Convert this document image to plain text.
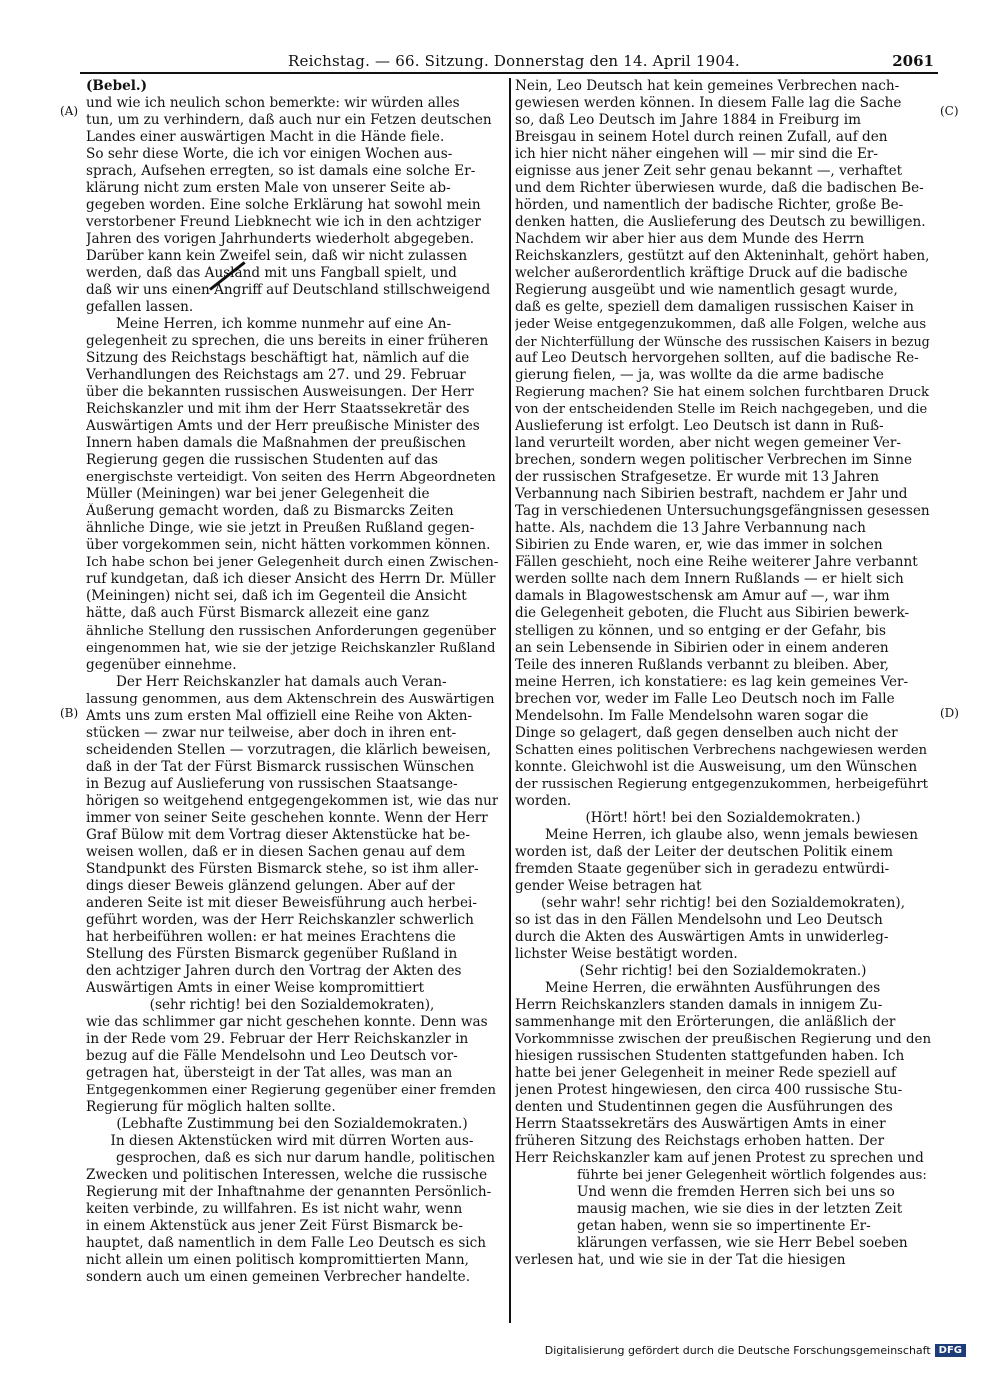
Reichstag. — 66. Sitzung. Donnerstag den 14. April 1904.	2061
(A)
(B)
(C)
(D)
(Bebel.)
und wie ich neulich schon bemerkte: wir würden alles
tun, um zu verhindern, daß auch nur ein Fetzen deutschen
Landes einer auswärtigen Macht in die Hände fiele.
So sehr diese Worte, die ich vor einigen Wochen aus-
sprach, Aufsehen erregten, so ist damals eine solche Er-
klärung nicht zum ersten Male von unserer Seite ab-
gegeben worden. Eine solche Erklärung hat sowohl mein
verstorbener Freund Liebknecht wie ich in den achtziger
Jahren des vorigen Jahrhunderts wiederholt abgegeben.
Darüber kann kein Zweifel sein, daß wir nicht zulassen
werden, daß das Ausland mit uns Fangball spielt, und
daß wir uns einen Angriff auf Deutschland stillschweigend
gefallen lassen.
Meine Herren, ich komme nunmehr auf eine An-
gelegenheit zu sprechen, die uns bereits in einer früheren
Sitzung des Reichstags beschäftigt hat, nämlich auf die
Verhandlungen des Reichstags am 27. und 29. Februar
über die bekannten russischen Ausweisungen. Der Herr
Reichskanzler und mit ihm der Herr Staatssekretär des
Auswärtigen Amts und der Herr preußische Minister des
Innern haben damals die Maßnahmen der preußischen
Regierung gegen die russischen Studenten auf das
energischste verteidigt. Von seiten des Herrn Abgeordneten
Müller (Meiningen) war bei jener Gelegenheit die
Äußerung gemacht worden, daß zu Bismarcks Zeiten
ähnliche Dinge, wie sie jetzt in Preußen Rußland gegen-
über vorgekommen sein, nicht hätten vorkommen können.
Ich habe schon bei jener Gelegenheit durch einen Zwischen-
ruf kundgetan, daß ich dieser Ansicht des Herrn Dr. Müller
(Meiningen) nicht sei, daß ich im Gegenteil die Ansicht
hätte, daß auch Fürst Bismarck allezeit eine ganz
ähnliche Stellung den russischen Anforderungen gegenüber
eingenommen hat, wie sie der jetzige Reichskanzler Rußland
gegenüber einnehme.
Der Herr Reichskanzler hat damals auch Veran-
lassung genommen, aus dem Aktenschrein des Auswärtigen
Amts uns zum ersten Mal offiziell eine Reihe von Akten-
stücken — zwar nur teilweise, aber doch in ihren ent-
scheidenden Stellen — vorzutragen, die klärlich beweisen,
daß in der Tat der Fürst Bismarck russischen Wünschen
in Bezug auf Auslieferung von russischen Staatsange-
hörigen so weitgehend entgegengekommen ist, wie das nur
immer von seiner Seite geschehen konnte. Wenn der Herr
Graf Bülow mit dem Vortrag dieser Aktenstücke hat be-
weisen wollen, daß er in diesen Sachen genau auf dem
Standpunkt des Fürsten Bismarck stehe, so ist ihm aller-
dings dieser Beweis glänzend gelungen. Aber auf der
anderen Seite ist mit dieser Beweisführung auch herbei-
geführt worden, was der Herr Reichskanzler schwerlich
hat herbeiführen wollen: er hat meines Erachtens die
Stellung des Fürsten Bismarck gegenüber Rußland in
den achtziger Jahren durch den Vortrag der Akten des
Auswärtigen Amts in einer Weise kompromittiert
(sehr richtig! bei den Sozialdemokraten),
wie das schlimmer gar nicht geschehen konnte. Denn was
in der Rede vom 29. Februar der Herr Reichskanzler in
bezug auf die Fälle Mendelsohn und Leo Deutsch vor-
getragen hat, übersteigt in der Tat alles, was man an
Entgegenkommen einer Regierung gegenüber einer fremden
Regierung für möglich halten sollte.
(Lebhafte Zustimmung bei den Sozialdemokraten.)
In diesen Aktenstücken wird mit dürren Worten aus-
gesprochen, daß es sich nur darum handle, politischen
Zwecken und politischen Interessen, welche die russische
Regierung mit der Inhaftnahme der genannten Persönlich-
keiten verbinde, zu willfahren. Es ist nicht wahr, wenn
in einem Aktenstück aus jener Zeit Fürst Bismarck be-
hauptet, daß namentlich in dem Falle Leo Deutsch es sich
nicht allein um einen politisch kompromittierten Mann,
sondern auch um einen gemeinen Verbrecher handelte.
Nein, Leo Deutsch hat kein gemeines Verbrechen nach-
gewiesen werden können. In diesem Falle lag die Sache
so, daß Leo Deutsch im Jahre 1884 in Freiburg im
Breisgau in seinem Hotel durch reinen Zufall, auf den
ich hier nicht näher eingehen will — mir sind die Er-
eignisse aus jener Zeit sehr genau bekannt —, verhaftet
und dem Richter überwiesen wurde, daß die badischen Be-
hörden, und namentlich der badische Richter, große Be-
denken hatten, die Auslieferung des Deutsch zu bewilligen.
Nachdem wir aber hier aus dem Munde des Herrn
Reichskanzlers, gestützt auf den Akteninhalt, gehört haben,
welcher außerordentlich kräftige Druck auf die badische
Regierung ausgeübt und wie namentlich gesagt wurde,
daß es gelte, speziell dem damaligen russischen Kaiser in
jeder Weise entgegenzukommen, daß alle Folgen, welche aus
der Nichterfüllung der Wünsche des russischen Kaisers in bezug
auf Leo Deutsch hervorgehen sollten, auf die badische Re-
gierung fielen, — ja, was wollte da die arme badische
Regierung machen? Sie hat einem solchen furchtbaren Druck
von der entscheidenden Stelle im Reich nachgegeben, und die
Auslieferung ist erfolgt. Leo Deutsch ist dann in Ruß-
land verurteilt worden, aber nicht wegen gemeiner Ver-
brechen, sondern wegen politischer Verbrechen im Sinne
der russischen Strafgesetze. Er wurde mit 13 Jahren
Verbannung nach Sibirien bestraft, nachdem er Jahr und
Tag in verschiedenen Untersuchungsgefängnissen gesessen
hatte. Als, nachdem die 13 Jahre Verbannung nach
Sibirien zu Ende waren, er, wie das immer in solchen
Fällen geschieht, noch eine Reihe weiterer Jahre verbannt
werden sollte nach dem Innern Rußlands — er hielt sich
damals in Blagowestschensk am Amur auf —, war ihm
die Gelegenheit geboten, die Flucht aus Sibirien bewerk-
stelligen zu können, und so entging er der Gefahr, bis
an sein Lebensende in Sibirien oder in einem anderen
Teile des inneren Rußlands verbannt zu bleiben. Aber,
meine Herren, ich konstatiere: es lag kein gemeines Ver-
brechen vor, weder im Falle Leo Deutsch noch im Falle
Mendelsohn. Im Falle Mendelsohn waren sogar die
Dinge so gelagert, daß gegen denselben auch nicht der
Schatten eines politischen Verbrechens nachgewiesen werden
konnte. Gleichwohl ist die Ausweisung, um den Wünschen
der russischen Regierung entgegenzukommen, herbeigeführt
worden.
(Hört! hört! bei den Sozialdemokraten.)
Meine Herren, ich glaube also, wenn jemals bewiesen
worden ist, daß der Leiter der deutschen Politik einem
fremden Staate gegenüber sich in geradezu entwürdi-
gender Weise betragen hat
(sehr wahr! sehr richtig! bei den Sozialdemokraten),
so ist das in den Fällen Mendelsohn und Leo Deutsch
durch die Akten des Auswärtigen Amts in unwiderleg-
lichster Weise bestätigt worden.
(Sehr richtig! bei den Sozialdemokraten.)
Meine Herren, die erwähnten Ausführungen des
Herrn Reichskanzlers standen damals in innigem Zu-
sammenhange mit den Erörterungen, die anläßlich der
Vorkommnisse zwischen der preußischen Regierung und den
hiesigen russischen Studenten stattgefunden haben. Ich
hatte bei jener Gelegenheit in meiner Rede speziell auf
jenen Protest hingewiesen, den circa 400 russische Stu-
denten und Studentinnen gegen die Ausführungen des
Herrn Staatssekretärs des Auswärtigen Amts in einer
früheren Sitzung des Reichstags erhoben hatten. Der
Herr Reichskanzler kam auf jenen Protest zu sprechen und
führte bei jener Gelegenheit wörtlich folgendes aus:
Und wenn die fremden Herren sich bei uns so
mausig machen, wie sie dies in der letzten Zeit
getan haben, wenn sie so impertinente Er-
klärungen verfassen, wie sie Herr Bebel soeben
verlesen hat, und wie sie in der Tat die hiesigen
Digitalisierung gefördert durch die Deutsche Forschungsgemeinschaft DFG
